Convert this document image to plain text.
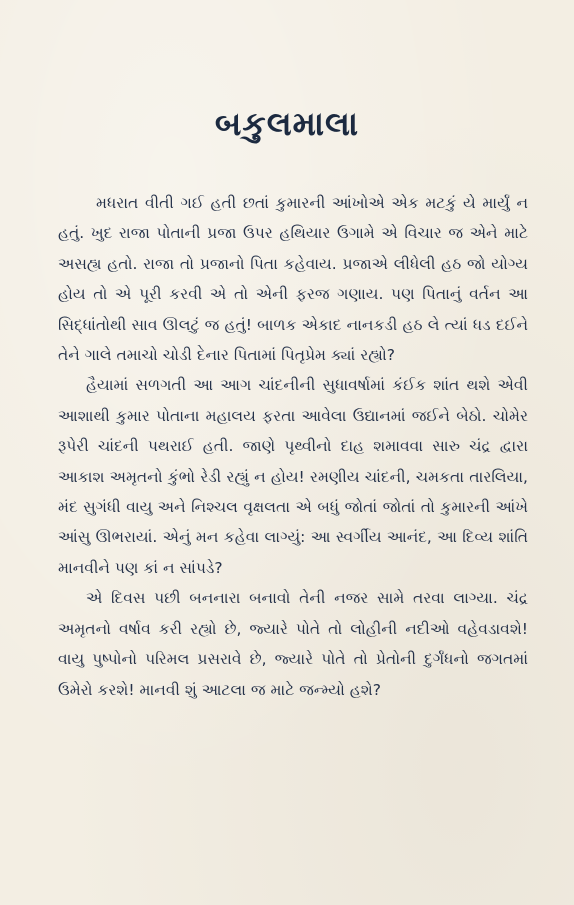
બકુલમાલા

મધરાત વીતી ગઈ હતી છતાં કુમારની આંખોએ એક મટકું યે માર્યું ન હતું. ખુદ રાજા પોતાની પ્રજા ઉપર હથિયાર ઉગામે એ વિચાર જ એને માટે અસહ્ય હતો. રાજા તો પ્રજાનો પિતા કહેવાય. પ્રજાએ લીધેલી હઠ જો યોગ્ય હોય તો એ પૂરી કરવી એ તો એની ફરજ ગણાય. પણ પિતાનું વર્તન આ સિદ્ધાંતોથી સાવ ઊલટું જ હતું! બાળક એકાદ નાનકડી હઠ લે ત્યાં ધડ દઈને તેને ગાલે તમાચો ચોડી દેનાર પિતામાં પિતૃપ્રેમ ક્યાં રહ્યો?

હૈયામાં સળગતી આ આગ ચાંદનીની સુધાવર્ષામાં કંઈક શાંત થશે એવી આશાથી કુમાર પોતાના મહાલય ફરતા આવેલા ઉદ્યાનમાં જઈને બેઠો. ચોમેર રૂપેરી ચાંદની પથરાઈ હતી. જાણે પૃથ્વીનો દાહ શમાવવા સારુ ચંદ્ર દ્વારા આકાશ અમૃતનો કુંભો રેડી રહ્યું ન હોય! રમણીય ચાંદની, ચમકતા તારલિયા, મંદ સુગંધી વાયુ અને નિશ્ચલ વૃક્ષલતા એ બધું જોતાં જોતાં તો કુમારની આંખે આંસુ ઊભરાયાં. એનું મન કહેવા લાગ્યું: આ સ્વર્ગીય આનંદ, આ દિવ્ય શાંતિ માનવીને પણ કાં ન સાંપડે?

એ દિવસ પછી બનનારા બનાવો તેની નજર સામે તરવા લાગ્યા. ચંદ્ર અમૃતનો વર્ષાવ કરી રહ્યો છે, જ્યારે પોતે તો લોહીની નદીઓ વહેવડાવશે! વાયુ પુષ્પોનો પરિમલ પ્રસરાવે છે, જ્યારે પોતે તો પ્રેતોની દુર્ગંધનો જગતમાં ઉમેરો કરશે! માનવી શું આટલા જ માટે જન્મ્યો હશે?
